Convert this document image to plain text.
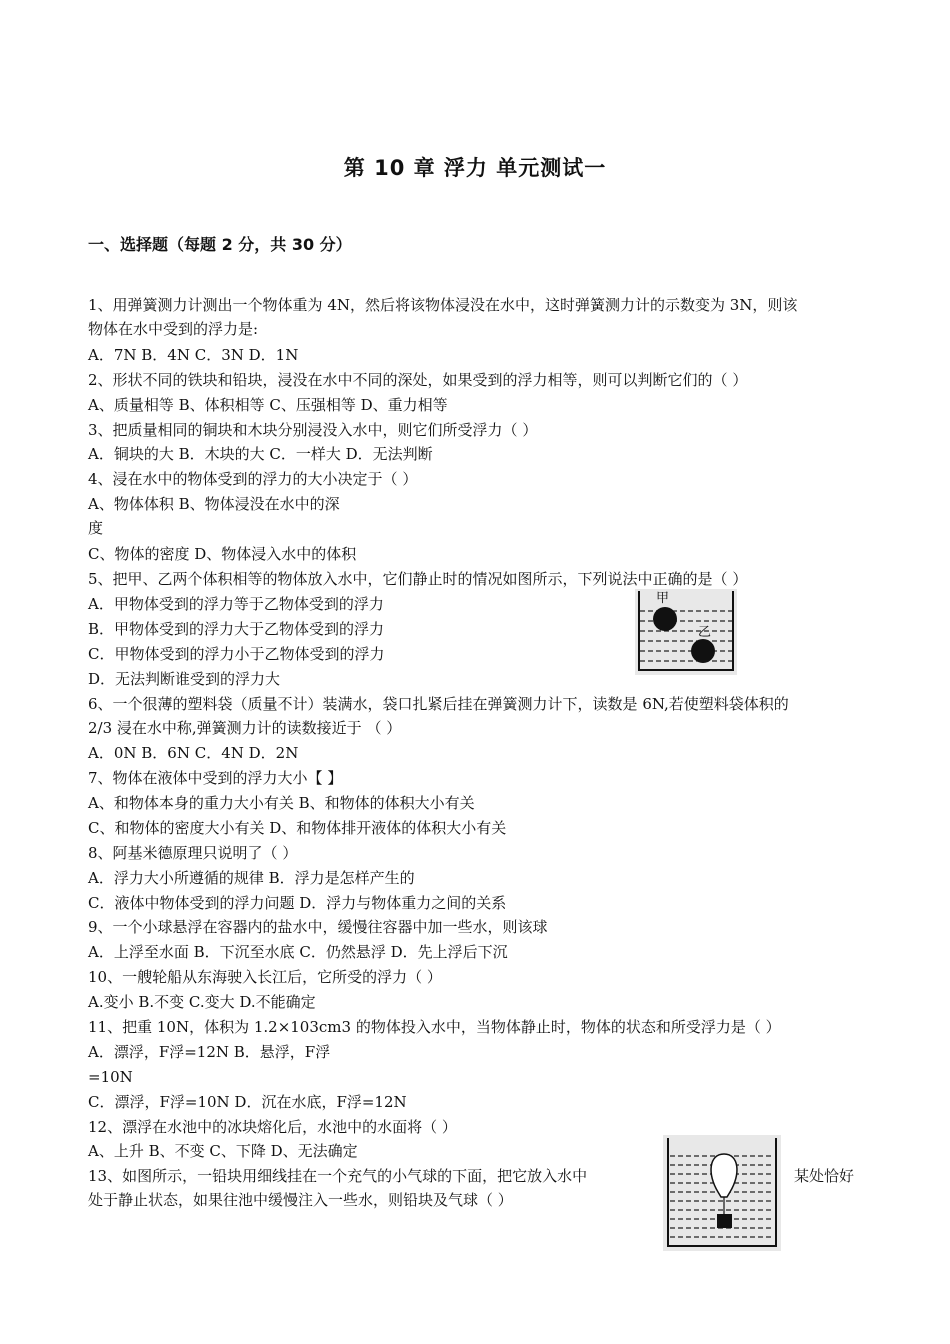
第 10 章 浮力 单元测试一
一、选择题（每题 2 分，共 30 分）
1、用弹簧测力计测出一个物体重为 4N，然后将该物体浸没在水中，这时弹簧测力计的示数变为 3N，则该
物体在水中受到的浮力是:
A．7N B．4N C．3N D．1N
2、形状不同的铁块和铅块，浸没在水中不同的深处，如果受到的浮力相等，则可以判断它们的（ ）
A、质量相等 B、体积相等 C、压强相等 D、重力相等
3、把质量相同的铜块和木块分别浸没入水中，则它们所受浮力（ ）
A．铜块的大 B．木块的大 C．一样大 D．无法判断
4、浸在水中的物体受到的浮力的大小决定于（ ）
A、物体体积 B、物体浸没在水中的深
度
C、物体的密度 D、物体浸入水中的体积
5、把甲、乙两个体积相等的物体放入水中，它们静止时的情况如图所示，下列说法中正确的是（ ）
A．甲物体受到的浮力等于乙物体受到的浮力
B．甲物体受到的浮力大于乙物体受到的浮力
C．甲物体受到的浮力小于乙物体受到的浮力
D．无法判断谁受到的浮力大
6、一个很薄的塑料袋（质量不计）装满水，袋口扎紧后挂在弹簧测力计下，读数是 6N,若使塑料袋体积的
2/3 浸在水中称,弹簧测力计的读数接近于 （ ）
A．0N B．6N C．4N D．2N
7、物体在液体中受到的浮力大小【 】
A、和物体本身的重力大小有关 B、和物体的体积大小有关
C、和物体的密度大小有关 D、和物体排开液体的体积大小有关
8、阿基米德原理只说明了（ ）
A．浮力大小所遵循的规律 B．浮力是怎样产生的
C．液体中物体受到的浮力问题 D．浮力与物体重力之间的关系
9、一个小球悬浮在容器内的盐水中，缓慢往容器中加一些水，则该球
A．上浮至水面 B．下沉至水底 C．仍然悬浮 D．先上浮后下沉
10、一艘轮船从东海驶入长江后，它所受的浮力（ ）
A.变小 B.不变 C.变大 D.不能确定
11、把重 10N，体积为 1.2×103cm3 的物体投入水中，当物体静止时，物体的状态和所受浮力是（ ）
A．漂浮，F浮=12N B．悬浮，F浮
=10N
C．漂浮，F浮=10N D．沉在水底，F浮=12N
12、漂浮在水池中的冰块熔化后，水池中的水面将（ ）
A、上升 B、不变 C、下降 D、无法确定
13、如图所示，一铅块用细线挂在一个充气的小气球的下面，把它放入水中
处于静止状态，如果往池中缓慢注入一些水，则铅块及气球（ ）
某处恰好
甲
乙
